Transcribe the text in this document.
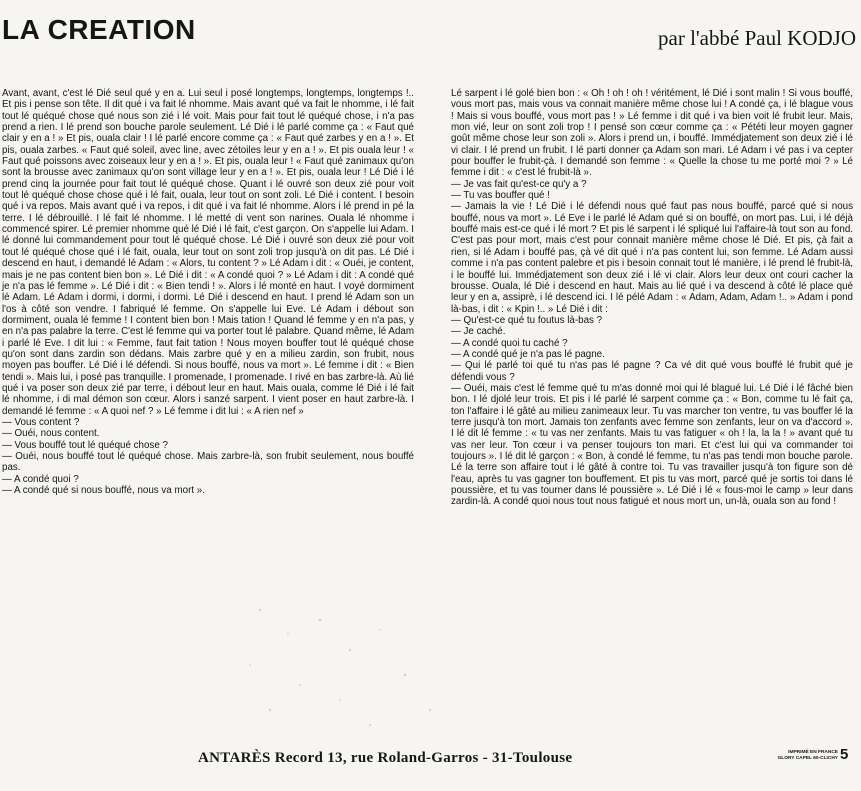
LA CREATION	par l'abbé Paul KODJO

Avant, avant, c'est lé Dié seul qué y en a. Lui seul i posé longtemps, longtemps, longtemps !.. Et pis i pense son tête. Il dit qué i va fait lé nhomme. Mais avant qué va fait le nhomme, i lé fait tout lé quéqué chose qué nous son zié i lé voit. Mais pour fait tout lé quéqué chose, i n'a pas prend a rien. I lé prend son bouche parole seulement. Lé Dié i lé parlé comme ça : « Faut qué clair y en a ! » Et pis, ouala clair ! I lé parlé encore comme ça : « Faut qué zarbes y en a ! ». Et pis, ouala zarbes. « Faut qué soleil, avec line, avec zétoiles leur y en a ! ». Et pis ouala leur ! « Faut qué poissons avec zoiseaux leur y en a ! ». Et pis, ouala leur ! « Faut qué zanimaux qu'on sont la brousse avec zanimaux qu'on sont village leur y en a ! ». Et pis, ouala leur ! Lé Dié i lé prend cinq la journée pour fait tout lé quéqué chose. Quant i lé ouvré son deux zié pour voit tout lé quéqué chose chose qué i lé fait, ouala, leur tout on sont zoli. Lé Dié i content. I besoin qué i va repos. Mais avant qué i va repos, i dit qué i va fait lé nhomme. Alors i lé prend in pé la terre. I lé débrouillé. I lé fait lé nhomme. I lé metté di vent son narines. Ouala lé nhomme i commencé spirer. Lé premier nhomme qué lé Dié i lé fait, c'est garçon. On s'appelle lui Adam. I lé donné lui commandement pour tout lé quéqué chose. Lé Dié i ouvré son deux zié pour voit tout lé quéqué chose qué i lé fait, ouala, leur tout on sont zoli trop jusqu'à on dit pas. Lé Dié i descend en haut, i demandé lé Adam : « Alors, tu content ? » Lé Adam i dit : « Ouéi, je content, mais je ne pas content bien bon ». Lé Dié i dit : « A condé quoi ? » Lé Adam i dit : A condé qué je n'a pas lé femme ». Lé Dié i dit : « Bien tendi ! ». Alors i lé monté en haut. I voyé dormiment lé Adam. Lé Adam i dormi, i dormi, i dormi. Lé Dié i descend en haut. I prend lé Adam son un l'os à côté son vendre. I fabriqué lé femme. On s'appelle lui Eve. Lé Adam i débout son dormiment, ouala lé femme ! I content bien bon ! Mais tation ! Quand lé femme y en n'a pas, y en n'a pas palabre la terre. C'est lé femme qui va porter tout lé palabre. Quand même, lé Adam i parlé lé Eve. I dit lui : « Femme, faut fait tation ! Nous moyen bouffer tout lé quéqué chose qu'on sont dans zardin son dédans. Mais zarbre qué y en a milieu zardin, son frubit, nous moyen pas bouffer. Lé Dié i lé défendi. Si nous bouffé, nous va mort ». Lé femme i dit : « Bien tendi ». Mais lui, i posé pas tranquille. I promenade, I promenade. I rivé en bas zarbre-là. Aù lié qué i va poser son deux zié par terre, i débout leur en haut. Mais ouala, comme lé Dié i lé fait lé nhomme, i di mal démon son cœur. Alors i sanzé sarpent. I vient poser en haut zarbre-là. I demandé lé femme : « A quoi nef ? » Lé femme i dit lui : « A rien nef »

— Vous content ?

— Ouéi, nous content.

— Vous bouffé tout lé quéqué chose ?

— Ouéi, nous bouffé tout lé quéqué chose. Mais zarbre-là, son frubit seulement, nous bouffé pas.

— A condé quoi ?

— A condé qué si nous bouffé, nous va mort ».

Lé sarpent i lé golé bien bon : « Oh ! oh ! oh ! véritément, lé Dié i sont malin ! Si vous bouffé, vous mort pas, mais vous va connait manière même chose lui ! A condé ça, i lé blague vous ! Mais si vous bouffé, vous mort pas ! » Lé femme i dit qué i va bien voit lé frubit leur. Mais, mon vié, leur on sont zoli trop ! I pensé son cœur comme ça : « Pététi leur moyen gagner goût même chose leur son zoli ». Alors i prend un, i bouffé. Immédjatement son deux zié i lé vi clair. I lé prend un frubit. I lé parti donner ça Adam son mari. Lé Adam i vé pas i va cepter pour bouffer le frubit-çà. I demandé son femme : « Quelle la chose tu me porté moi ? » Lé femme i dit : « c'est lé frubit-là ».

— Je vas fait qu'est-ce qu'y a ?

— Tu vas bouffer qué !

— Jamais la vie ! Lé Dié i lé défendi nous qué faut pas nous bouffé, parcé qué si nous bouffé, nous va mort ». Lé Eve i le parlé lé Adam qué si on bouffé, on mort pas. Lui, i lé déjà bouffé mais est-ce qué i lé mort ? Et pis lé sarpent i lé spliqué lui l'affaire-là tout son au fond. C'est pas pour mort, mais c'est pour connait manière même chose lé Dié. Et pis, çà fait a rien, si lé Adam i bouffé pas, çà vé dit qué i n'a pas content lui, son femme. Lé Adam aussi comme i n'a pas content palebre et pis i besoin connait tout lé manière, i lé prend lé frubit-là, i le bouffé lui. Immédjatement son deux zié i lé vi clair. Alors leur deux ont couri cacher la brousse. Ouala, lé Dié i descend en haut. Mais au lié qué i va descend à côté lé place qué leur y en a, assiprè, i lé descend ici. I lé pélé Adam : « Adam, Adam, Adam !.. » Adam i pond là-bas, i dit : « Kpin !.. » Lé Dié i dit :

— Qu'est-ce qué tu foutus là-bas ?

— Je caché.

— A condé quoi tu caché ?

— A condé qué je n'a pas lé pagne.

— Qui lé parlé toi qué tu n'as pas lé pagne ? Ca vé dit qué vous bouffé lé frubit qué je défendi vous ?

— Ouéi, mais c'est lé femme qué tu m'as donné moi qui lé blagué lui. Lé Dié i lé fâché bien bon. I lé djolé leur trois. Et pis i lé parlé lé sarpent comme ça : « Bon, comme tu lé fait ça, ton l'affaire i lé gâté au milieu zanimeaux leur. Tu vas marcher ton ventre, tu vas bouffer lé la terre jusqu'à ton mort. Jamais ton zenfants avec femme son zenfants, leur on va d'accord ». I lé dit lé femme : « tu vas ner zenfants. Mais tu vas fatiguer « oh ! la, la la ! » avant qué tu vas ner leur. Ton cœur i va penser toujours ton mari. Et c'est lui qui va commander toi toujours ». I lé dit lé garçon : « Bon, à condé lé femme, tu n'as pas tendi mon bouche parole. Lé la terre son affaire tout i lé gâté à contre toi. Tu vas travailler jusqu'à ton figure son dé l'eau, après tu vas gagner ton bouffement. Et pis tu vas mort, parcé qué je sortis toi dans lé poussière, et tu vas tourner dans lé poussière ». Lé Dié i lé « fous-moi le camp » leur dans zardin-là. A condé quoi nous tout nous fatigué et nous mort un, un-là, ouala son au fond !

ANTARÈS Record 13, rue Roland-Garros - 31-Toulouse	IMPRIMÉ EN FRANCE
GLORY CAPEL 60-CLICHY 5
